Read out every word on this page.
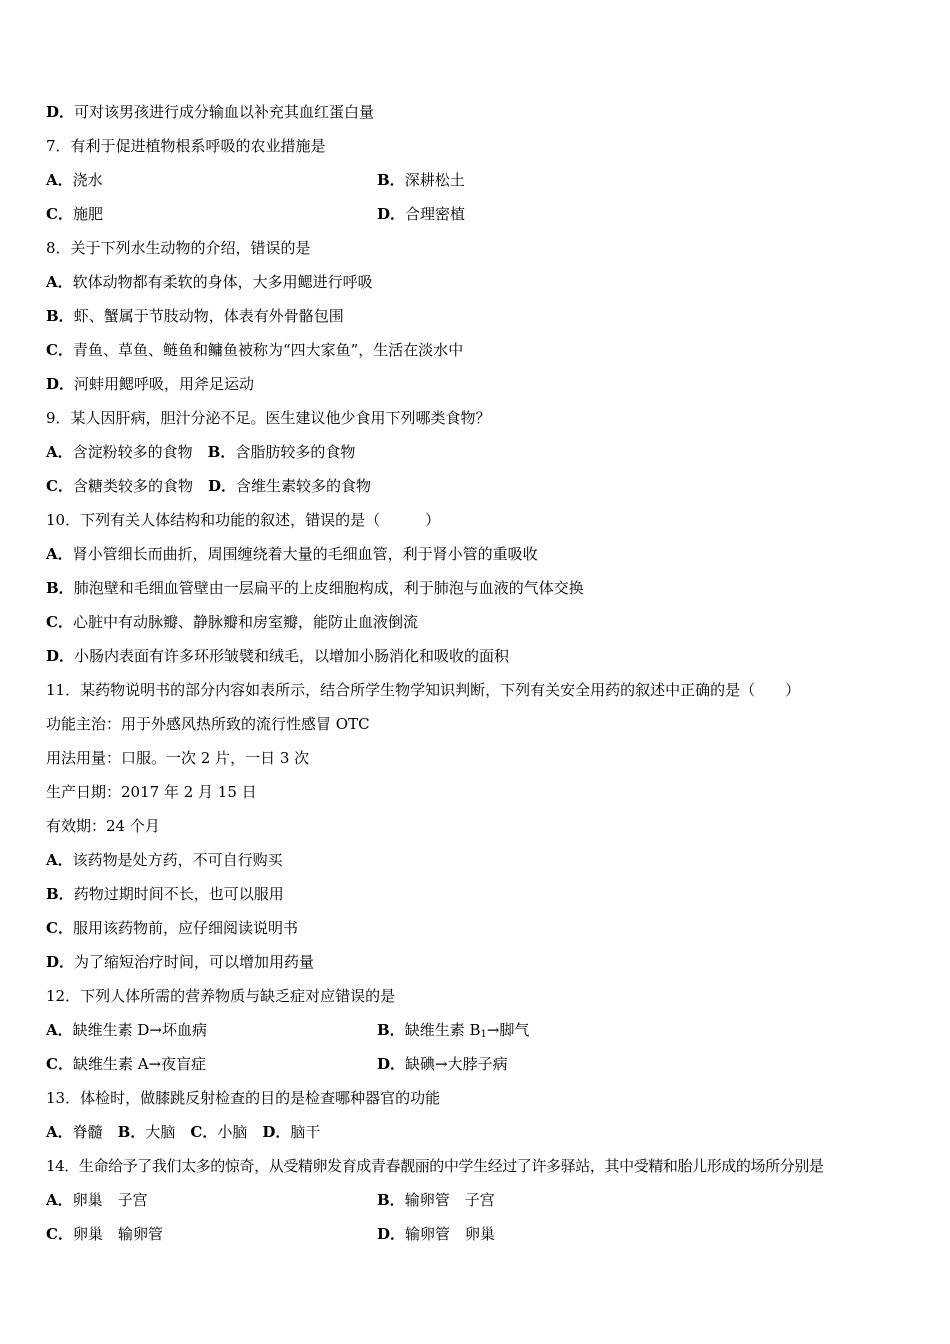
D．可对该男孩进行成分输血以补充其血红蛋白量
7．有利于促进植物根系呼吸的农业措施是
A．浇水	B．深耕松土
C．施肥	D．合理密植
8．关于下列水生动物的介绍，错误的是
A．软体动物都有柔软的身体，大多用鳃进行呼吸
B．虾、蟹属于节肢动物，体表有外骨骼包围
C．青鱼、草鱼、鲢鱼和鳙鱼被称为“四大家鱼”，生活在淡水中
D．河蚌用鳃呼吸，用斧足运动
9．某人因肝病，胆汁分泌不足。医生建议他少食用下列哪类食物？
A．含淀粉较多的食物　 B．含脂肪较多的食物
C．含糖类较多的食物　 D．含维生素较多的食物
10．下列有关人体结构和功能的叙述，错误的是（　　　）
A．肾小管细长而曲折，周围缠绕着大量的毛细血管，利于肾小管的重吸收
B．肺泡壁和毛细血管壁由一层扁平的上皮细胞构成，利于肺泡与血液的气体交换
C．心脏中有动脉瓣、静脉瓣和房室瓣，能防止血液倒流
D．小肠内表面有许多环形皱襞和绒毛，以增加小肠消化和吸收的面积
11．某药物说明书的部分内容如表所示，结合所学生物学知识判断，下列有关安全用药的叙述中正确的是（　　）
功能主治：用于外感风热所致的流行性感冒 OTC
用法用量：口服。一次 2 片，一日 3 次
生产日期：2017 年 2 月 15 日
有效期：24 个月
A．该药物是处方药，不可自行购买
B．药物过期时间不长，也可以服用
C．服用该药物前，应仔细阅读说明书
D．为了缩短治疗时间，可以增加用药量
12．下列人体所需的营养物质与缺乏症对应错误的是
A．缺维生素 D→坏血病	B．缺维生素 $B_1\to$脚气
C．缺维生素 A→夜盲症	D．缺碘→大脖子病
13．体检时，做膝跳反射检查的目的是检查哪种器官的功能
A．脊髓　 B．大脑　 C．小脑　 D．脑干
14．生命给予了我们太多的惊奇，从受精卵发育成青春靓丽的中学生经过了许多驿站，其中受精和胎儿形成的场所分别是
A．卵巢　子宫	B．输卵管　子宫
C．卵巢　输卵管	D．输卵管　卵巢
